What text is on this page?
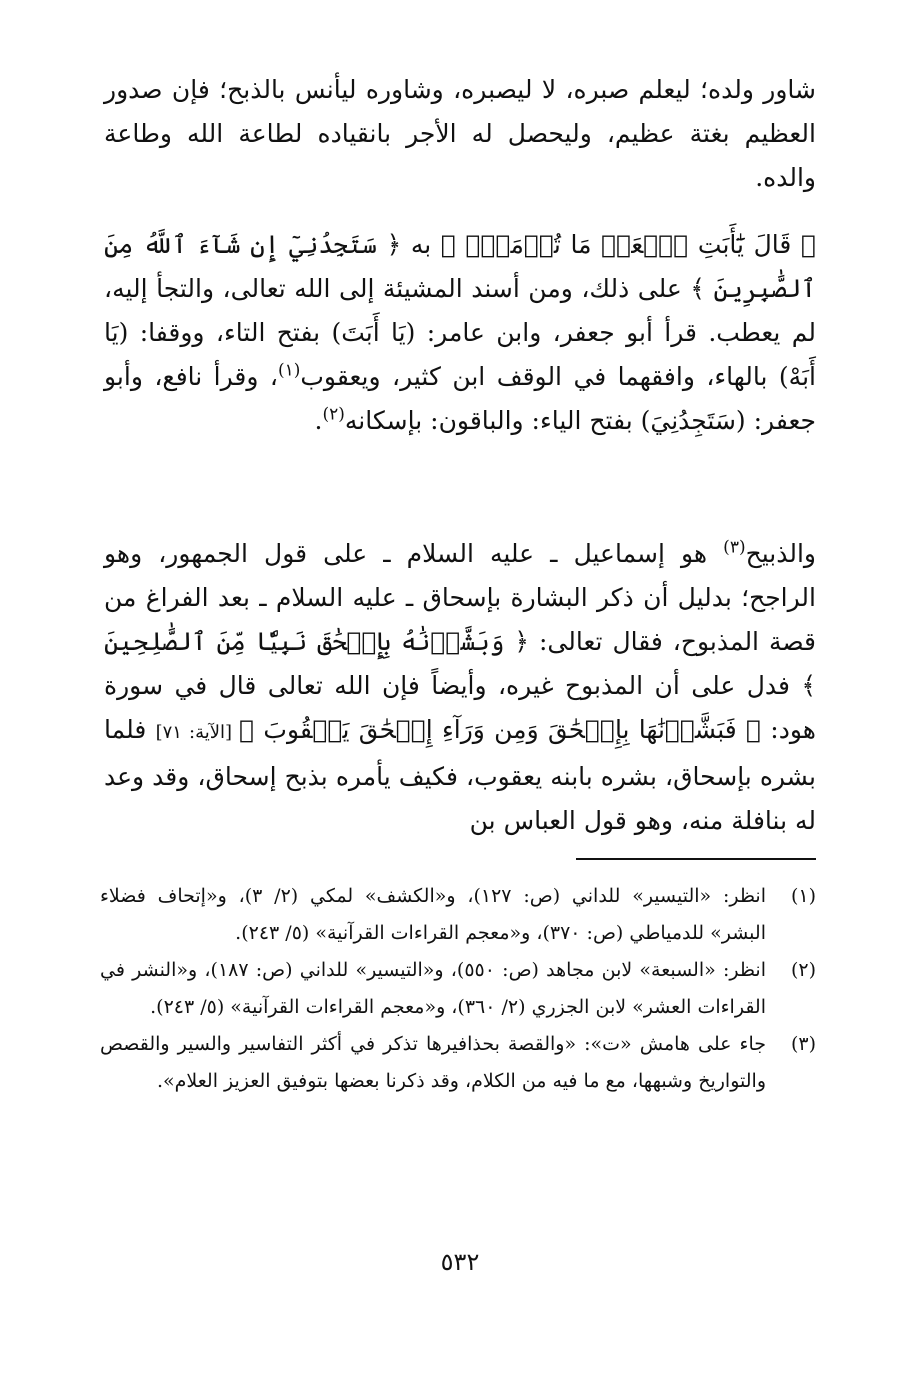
شاور ولده؛ ليعلم صبره، لا ليصبره، وشاوره ليأنس بالذبح؛ فإن صدور العظيم بغتة عظيم، وليحصل له الأجر بانقياده لطاعة الله وطاعة والده.

﴿ قَالَ يَٰٓأَبَتِ ٱفۡعَلۡ مَا تُؤۡمَرُۖ ﴾ به ﴿ سَتَجِدُنِيٓ إِن شَآءَ ٱللَّهُ مِنَ ٱلصَّٰبِرِينَ ﴾ على ذلك، ومن أسند المشيئة إلى الله تعالى، والتجأ إليه، لم يعطب. قرأ أبو جعفر، وابن عامر: (يَا أَبَتَ) بفتح التاء، ووقفا: (يَا أَبَهْ) بالهاء، وافقهما في الوقف ابن كثير، ويعقوب$^{(١)}$، وقرأ نافع، وأبو جعفر: (سَتَجِدُنِيَ) بفتح الياء: والباقون: بإسكانه$^{(٢)}$.

والذبيح$^{(٣)}$ هو إسماعيل ـ عليه السلام ـ على قول الجمهور، وهو الراجح؛ بدليل أن ذكر البشارة بإسحاق ـ عليه السلام ـ بعد الفراغ من قصة المذبوح، فقال تعالى: ﴿ وَبَشَّرۡنَٰهُ بِإِسۡحَٰقَ نَبِيّٗا مِّنَ ٱلصَّٰلِحِينَ ﴾ فدل على أن المذبوح غيره، وأيضاً فإن الله تعالى قال في سورة هود: ﴿ فَبَشَّرۡنَٰهَا بِإِسۡحَٰقَ وَمِن وَرَآءِ إِسۡحَٰقَ يَعۡقُوبَ ﴾ [الآية: ٧١] فلما بشره بإسحاق، بشره بابنه يعقوب، فكيف يأمره بذبح إسحاق، وقد وعد له بنافلة منه، وهو قول العباس بن

(١)
انظر: «التيسير» للداني (ص: ١٢٧)، و«الكشف» لمكي (٢/ ٣)، و«إتحاف فضلاء البشر» للدمياطي (ص: ٣٧٠)، و«معجم القراءات القرآنية» (٥/ ٢٤٣).
(٢)
انظر: «السبعة» لابن مجاهد (ص: ٥٥٠)، و«التيسير» للداني (ص: ١٨٧)، و«النشر في القراءات العشر» لابن الجزري (٢/ ٣٦٠)، و«معجم القراءات القرآنية» (٥/ ٢٤٣).
(٣)
جاء على هامش «ت»: «والقصة بحذافيرها تذكر في أكثر التفاسير والسير والقصص والتواريخ وشبهها، مع ما فيه من الكلام، وقد ذكرنا بعضها بتوفيق العزيز العلام».
٥٣٢
